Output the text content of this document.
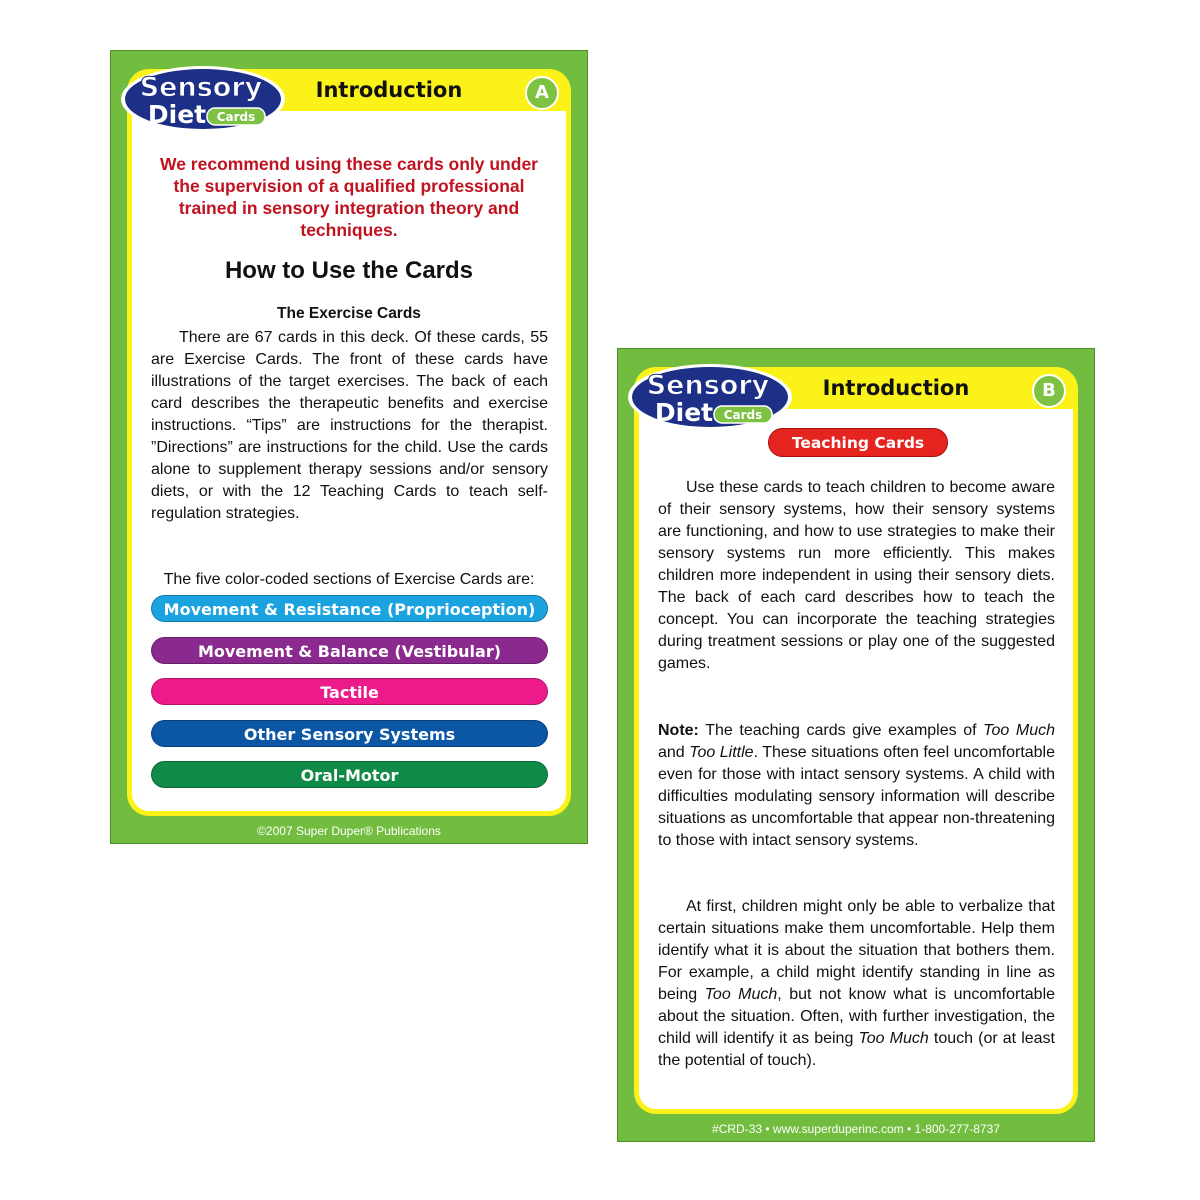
Introduction	A
We recommend using these cards only under the supervision of a qualified professional trained in sensory integration theory and techniques.
How to Use the Cards
The Exercise Cards
There are 67 cards in this deck. Of these cards, 55 are Exercise Cards. The front of these cards have illustrations of the target exercises. The back of each card describes the therapeutic benefits and exercise instructions. “Tips” are instructions for the therapist. ”Directions” are instructions for the child. Use the cards alone to supplement therapy sessions and/or sensory diets, or with the 12 Teaching Cards to teach self-regulation strategies.
The five color-coded sections of Exercise Cards are:
Movement & Resistance (Proprioception)
Movement & Balance (Vestibular)
Tactile
Other Sensory Systems
Oral-Motor
Sensory
Diet Cards
©2007 Super Duper® Publications
Introduction	B
Teaching Cards
Use these cards to teach children to become aware of their sensory systems, how their sensory systems are functioning, and how to use strategies to make their sensory systems run more efficiently. This makes children more independent in using their sensory diets. The back of each card describes how to teach the concept. You can incorporate the teaching strategies during treatment sessions or play one of the suggested games.
Note: The teaching cards give examples of Too Much and Too Little. These situations often feel uncomfortable even for those with intact sensory systems. A child with difficulties modulating sensory information will describe situations as uncomfortable that appear non-threatening to those with intact sensory systems.
At first, children might only be able to verbalize that certain situations make them uncomfortable. Help them identify what it is about the situation that bothers them. For example, a child might identify standing in line as being Too Much, but not know what is uncomfortable about the situation. Often, with further investigation, the child will identify it as being Too Much touch (or at least the potential of touch).
Sensory
Diet Cards
#CRD-33 • www.superduperinc.com • 1-800-277-8737
